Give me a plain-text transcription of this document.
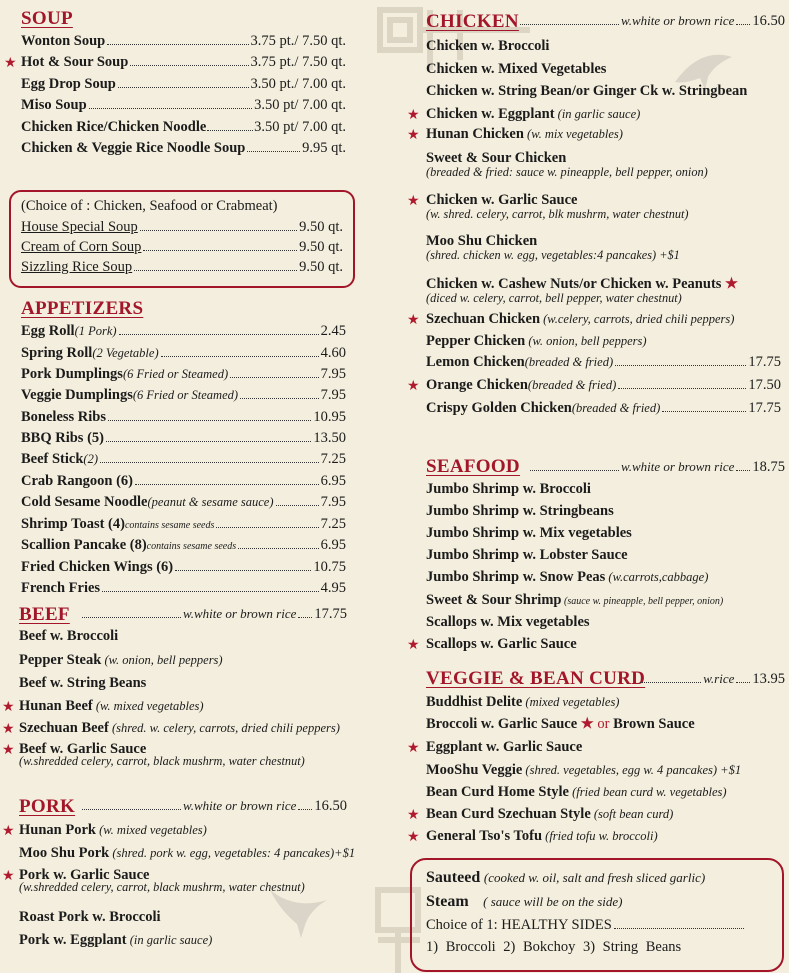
SOUP
Wonton Soup	3.75 pt./ 7.50 qt.
★ Hot & Sour Soup	3.75 pt./ 7.50 qt.
Egg Drop Soup	3.50 pt./ 7.00 qt.
Miso Soup	3.50 pt/ 7.00 qt.
Chicken Rice/Chicken Noodle	3.50 pt/ 7.00 qt.
Chicken & Veggie Rice Noodle Soup	9.95 qt.
(Choice of : Chicken, Seafood or Crabmeat)
House Special Soup	9.50 qt.
Cream of Corn Soup	9.50 qt.
Sizzling Rice Soup	9.50 qt.
APPETIZERS
Egg Roll (1 Pork)	2.45
Spring Roll (2 Vegetable)	4.60
Pork Dumplings (6 Fried or Steamed)	7.95
Veggie Dumplings (6 Fried or Steamed)	7.95
Boneless Ribs	10.95
BBQ Ribs (5)	13.50
Beef Stick (2)	7.25
Crab Rangoon (6)	6.95
Cold Sesame Noodle (peanut & sesame sauce)	7.95
Shrimp Toast (4) contains sesame seeds	7.25
Scallion Pancake (8) contains sesame seeds	6.95
Fried Chicken Wings (6)	10.75
French Fries	4.95
BEEF	w.white or brown rice 17.75
Beef w. Broccoli
Pepper Steak (w. onion, bell peppers)
Beef w. String Beans
★ Hunan Beef (w. mixed vegetables)
★ Szechuan Beef (shred. w. celery, carrots, dried chili peppers)
★ Beef w. Garlic Sauce
(w.shredded celery, carrot, black mushrm, water chestnut)
PORK	w.white or brown rice 16.50
★ Hunan Pork (w. mixed vegetables)
Moo Shu Pork (shred. pork w. egg, vegetables: 4 pancakes)+$1
★ Pork w. Garlic Sauce
Roast Pork w. Broccoli
Pork w. Eggplant (in garlic sauce)
(w.shredded celery, carrot, black mushrm, water chestnut)
CHICKEN	w.white or brown rice 16.50
Chicken w. Broccoli
Chicken w. Mixed Vegetables
Chicken w. String Bean/or Ginger Ck w. Stringbean
★ Chicken w. Eggplant (in garlic sauce)
★ Hunan Chicken (w. mix vegetables)
Sweet & Sour Chicken
(breaded & fried: sauce w. pineapple, bell pepper, onion)
★ Chicken w. Garlic Sauce
(w. shred. celery, carrot, blk mushrm, water chestnut)
Moo Shu Chicken
(shred. chicken w. egg, vegetables:4 pancakes) +$1
Chicken w. Cashew Nuts/or Chicken w. Peanuts ★
(diced w. celery, carrot, bell pepper, water chestnut)
★ Szechuan Chicken (w.celery, carrots, dried chili peppers)
Pepper Chicken (w. onion, bell peppers)
Lemon Chicken (breaded & fried)	17.75
★ Orange Chicken (breaded & fried)	17.50
Crispy Golden Chicken (breaded & fried)	17.75
SEAFOOD	w.white or brown rice 18.75
Jumbo Shrimp w. Broccoli
Jumbo Shrimp w. Stringbeans
Jumbo Shrimp w. Mix vegetables
Jumbo Shrimp w. Lobster Sauce
Jumbo Shrimp w. Snow Peas (w.carrots,cabbage)
Sweet & Sour Shrimp (sauce w. pineapple, bell pepper, onion)
Scallops w. Mix vegetables
★ Scallops w. Garlic Sauce
VEGGIE & BEAN CURD	w.rice 13.95
Buddhist Delite (mixed vegetables)
Broccoli w. Garlic Sauce ★ or Brown Sauce
★ Eggplant w. Garlic Sauce
MooShu Veggie (shred. vegetables, egg w. 4 pancakes) +$1
Bean Curd Home Style (fried bean curd w. vegetables)
★ Bean Curd Szechuan Style (soft bean curd)
★ General Tso's Tofu (fried tofu w. broccoli)
Sauteed (cooked w. oil, salt and fresh sliced garlic)
Steam ( sauce will be on the side)
Choice of 1: HEALTHY SIDES
1) Broccoli 2) Bokchoy 3) String Beans
